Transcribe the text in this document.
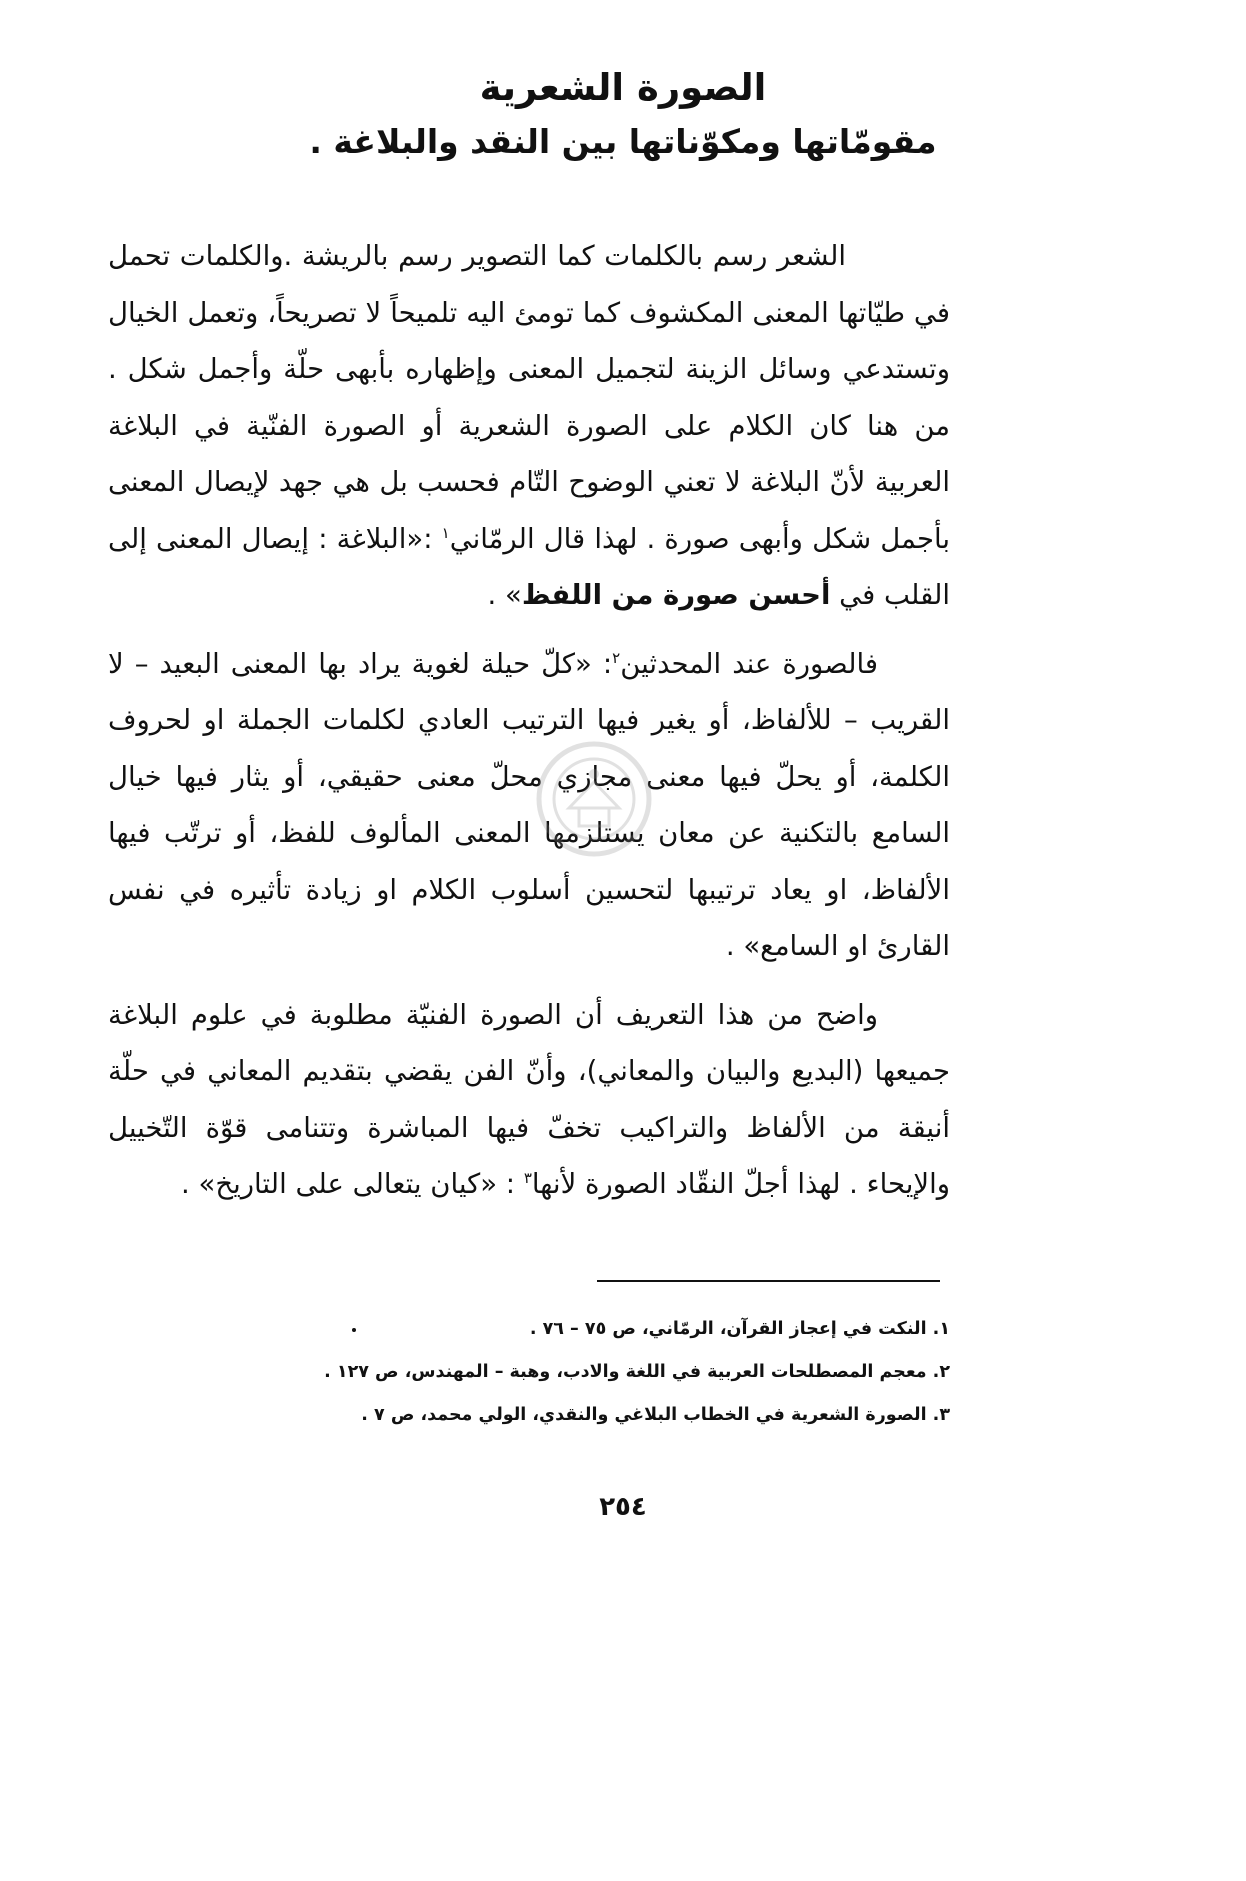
الصورة الشعرية
مقومّاتها ومكوّناتها بين النقد والبلاغة .

الشعر رسم بالكلمات كما التصوير رسم بالريشة .والكلمات تحمل في طيّاتها المعنى المكشوف كما تومئ اليه تلميحاً لا تصريحاً، وتعمل الخيال وتستدعي وسائل الزينة لتجميل المعنى وإظهاره بأبهى حلّة وأجمل شكل . من هنا كان الكلام على الصورة الشعرية أو الصورة الفنّية في البلاغة العربية لأنّ البلاغة لا تعني الوضوح التّام فحسب بل هي جهد لإيصال المعنى بأجمل شكل وأبهى صورة . لهذا قال الرمّاني$^١$ :«البلاغة : إيصال المعنى إلى القلب في أحسن صورة من اللفظ» .

فالصورة عند المحدثين$^٢$: «كلّ حيلة لغوية يراد بها المعنى البعيد – لا القريب – للألفاظ، أو يغير فيها الترتيب العادي لكلمات الجملة او لحروف الكلمة، أو يحلّ فيها معنى مجازي محلّ معنى حقيقي، أو يثار فيها خيال السامع بالتكنية عن معان يستلزمها المعنى المألوف للفظ، أو ترتّب فيها الألفاظ، او يعاد ترتيبها لتحسين أسلوب الكلام او زيادة تأثيره في نفس القارئ او السامع» .

واضح من هذا التعريف أن الصورة الفنيّة مطلوبة في علوم البلاغة جميعها (البديع والبيان والمعاني)، وأنّ الفن يقضي بتقديم المعاني في حلّة أنيقة من الألفاظ والتراكيب تخفّ فيها المباشرة وتتنامى قوّة التّخييل والإيحاء . لهذا أجلّ النقّاد الصورة لأنها$^٣$ : «كيان يتعالى على التاريخ» .

١. النكت في إعجاز القرآن، الرمّاني، ص ٧٥ – ٧٦ .
٢. معجم المصطلحات العربية في اللغة والادب، وهبة – المهندس، ص ١٢٧ .
٣. الصورة الشعرية في الخطاب البلاغي والنقدي، الولي محمد، ص ٧ .
٢٥٤
